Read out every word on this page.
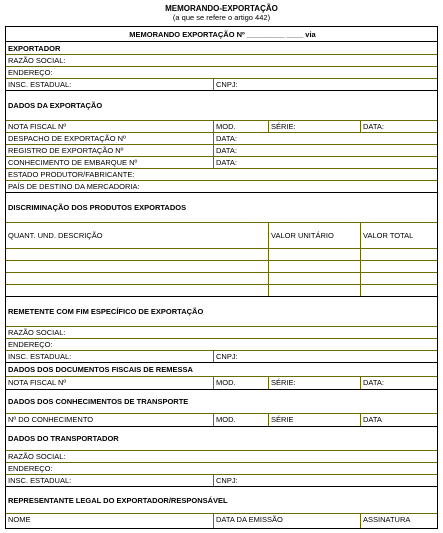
MEMORANDO-EXPORTAÇÃO
(a que se refere o artigo 442)
MEMORANDO EXPORTAÇÃO Nº _________ ____ via
EXPORTADOR
RAZÃO SOCIAL:
ENDEREÇO:
INSC. ESTADUAL:	CNPJ:
DADOS DA EXPORTAÇÃO
NOTA FISCAL Nº	MOD.	SÉRIE:	DATA:
DESPACHO DE EXPORTAÇÃO Nº	DATA:
REGISTRO DE EXPORTAÇÃO Nº	DATA:
CONHECIMENTO DE EMBARQUE Nº	DATA:
ESTADO PRODUTOR/FABRICANTE:
PAÍS DE DESTINO DA MERCADORIA:
DISCRIMINAÇÃO DOS PRODUTOS EXPORTADOS
QUANT. UND. DESCRIÇÃO	VALOR UNITÁRIO	VALOR TOTAL
REMETENTE COM FIM ESPECÍFICO DE EXPORTAÇÃO
RAZÃO SOCIAL:
ENDEREÇO:
INSC. ESTADUAL:	CNPJ:
DADOS DOS DOCUMENTOS FISCAIS DE REMESSA
NOTA FISCAL Nº	MOD.	SÉRIE:	DATA:
DADOS DOS CONHECIMENTOS DE TRANSPORTE
Nº DO CONHECIMENTO	MOD.	SÉRIE	DATA
DADOS DO TRANSPORTADOR
RAZÃO SOCIAL:
ENDEREÇO:
INSC. ESTADUAL:	CNPJ:
REPRESENTANTE LEGAL DO EXPORTADOR/RESPONSÁVEL
NOME	DATA DA EMISSÃO	ASSINATURA
